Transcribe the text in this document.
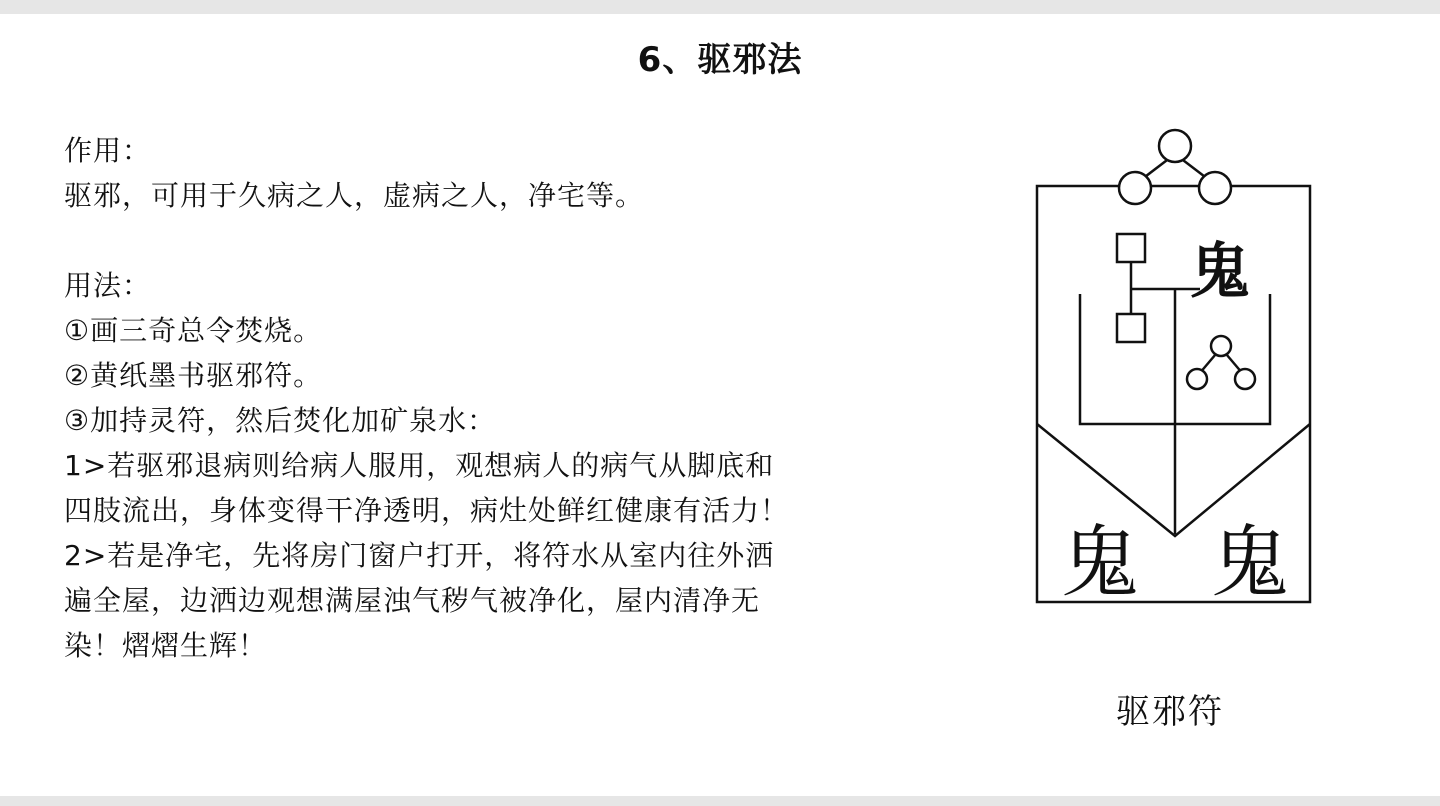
6、驱邪法
作用：
驱邪，可用于久病之人，虚病之人，净宅等。
用法：
①画三奇总令焚烧。
②黄纸墨书驱邪符。
③加持灵符，然后焚化加矿泉水：
1>若驱邪退病则给病人服用，观想病人的病气从脚底和
四肢流出，身体变得干净透明，病灶处鲜红健康有活力！
2>若是净宅，先将房门窗户打开，将符水从室内往外洒
遍全屋，边洒边观想满屋浊气秽气被净化，屋内清净无
染！熠熠生辉！
鬼
鬼 鬼
驱邪符
